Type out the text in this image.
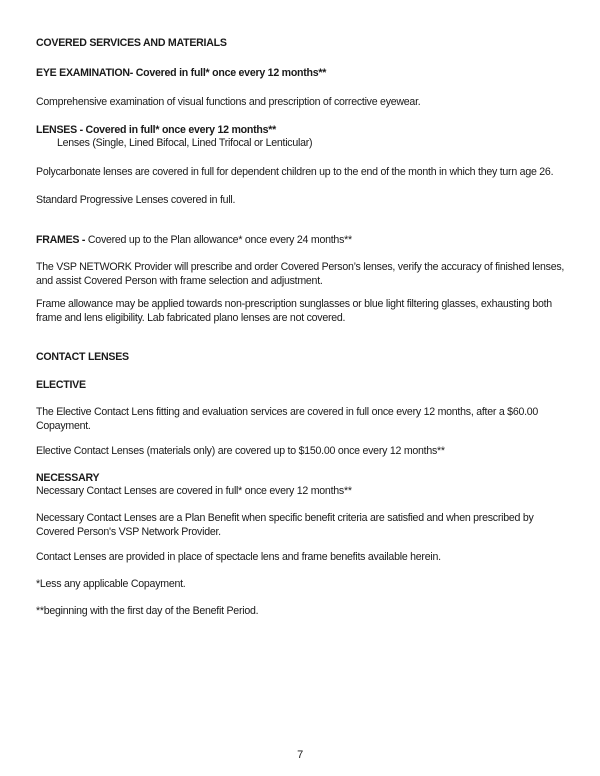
COVERED SERVICES AND MATERIALS
EYE EXAMINATION- Covered in full* once every 12 months**
Comprehensive examination of visual functions and prescription of corrective eyewear.
LENSES - Covered in full* once every 12 months**
Lenses (Single, Lined Bifocal, Lined Trifocal or Lenticular)
Polycarbonate lenses are covered in full for dependent children up to the end of the month in which they turn age 26.
Standard Progressive Lenses covered in full.
FRAMES - Covered up to the Plan allowance* once every 24 months**
The VSP NETWORK Provider will prescribe and order Covered Person’s lenses, verify the accuracy of finished lenses, and assist Covered Person with frame selection and adjustment.
Frame allowance may be applied towards non-prescription sunglasses or blue light filtering glasses, exhausting both frame and lens eligibility. Lab fabricated plano lenses are not covered.
CONTACT LENSES
ELECTIVE
The Elective Contact Lens fitting and evaluation services are covered in full once every 12 months, after a $60.00 Copayment.
Elective Contact Lenses (materials only) are covered up to $150.00 once every 12 months**
NECESSARY
Necessary Contact Lenses are covered in full* once every 12 months**
Necessary Contact Lenses are a Plan Benefit when specific benefit criteria are satisfied and when prescribed by Covered Person's VSP Network Provider.
Contact Lenses are provided in place of spectacle lens and frame benefits available herein.
*Less any applicable Copayment.
**beginning with the first day of the Benefit Period.
7
